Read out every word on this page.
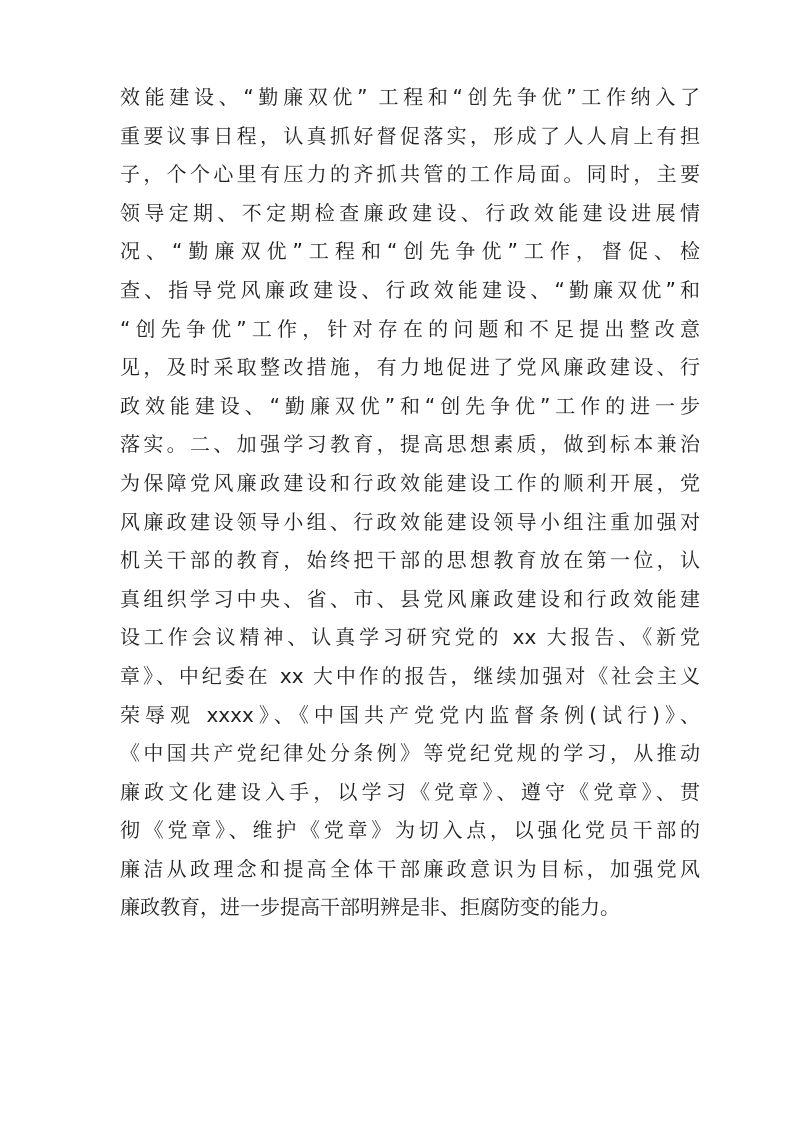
效能建设、“勤廉双优” 工程和“创先争优”工作纳入了
重要议事日程，认真抓好督促落实，形成了人人肩上有担
子，个个心里有压力的齐抓共管的工作局面。同时，主要
领导定期、不定期检查廉政建设、行政效能建设进展情
况、“勤廉双优”工程和“创先争优”工作，督促、检
查、指导党风廉政建设、行政效能建设、“勤廉双优”和
“创先争优”工作，针对存在的问题和不足提出整改意
见，及时采取整改措施，有力地促进了党风廉政建设、行
政效能建设、“勤廉双优”和“创先争优”工作的进一步
落实。二、加强学习教育，提高思想素质，做到标本兼治
为保障党风廉政建设和行政效能建设工作的顺利开展，党
风廉政建设领导小组、行政效能建设领导小组注重加强对
机关干部的教育，始终把干部的思想教育放在第一位，认
真组织学习中央、省、市、县党风廉政建设和行政效能建
设工作会议精神、认真学习研究党的 xx 大报告、《新党
章》、中纪委在 xx 大中作的报告，继续加强对《社会主义
荣辱观 xxxx》、《中国共产党党内监督条例(试行)》、
《中国共产党纪律处分条例》等党纪党规的学习，从推动
廉政文化建设入手，以学习《党章》、遵守《党章》、贯
彻《党章》、维护《党章》为切入点，以强化党员干部的
廉洁从政理念和提高全体干部廉政意识为目标，加强党风
廉政教育，进一步提高干部明辨是非、拒腐防变的能力。
